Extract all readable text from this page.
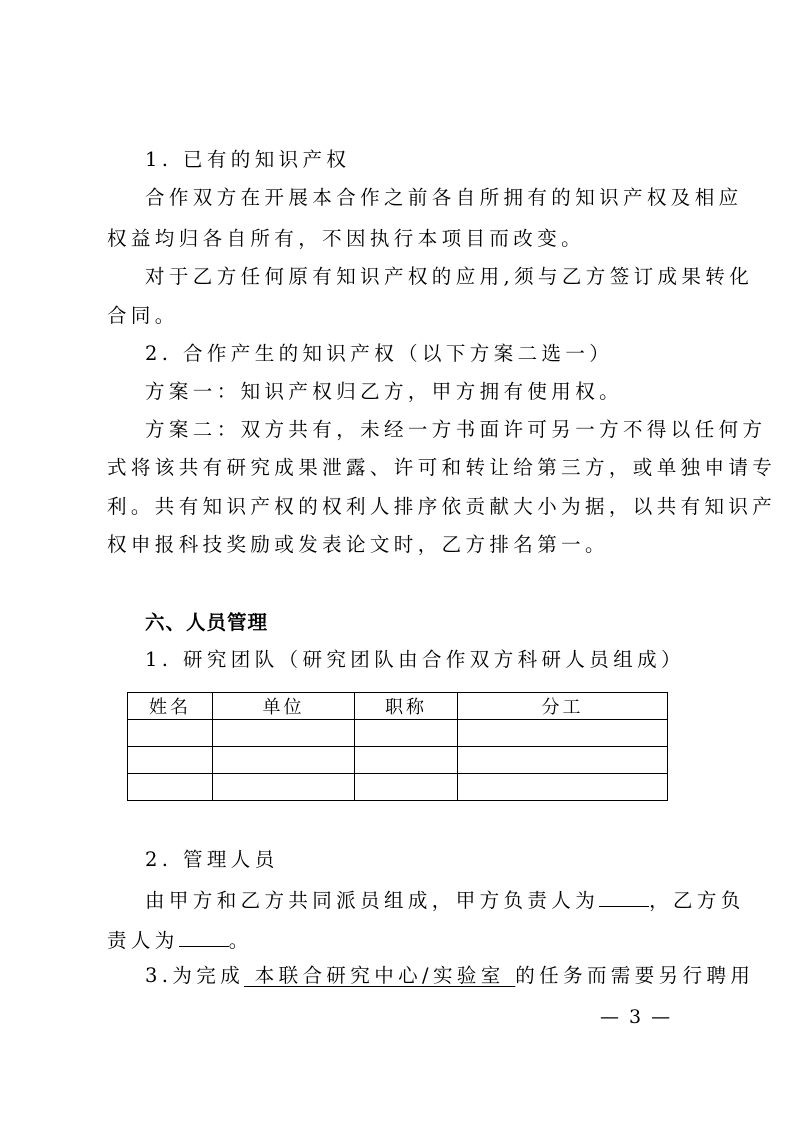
1. 已有的知识产权
合作双方在开展本合作之前各自所拥有的知识产权及相应
权益均归各自所有，不因执行本项目而改变。
对于乙方任何原有知识产权的应用,须与乙方签订成果转化
合同。
2. 合作产生的知识产权（以下方案二选一）
方案一：知识产权归乙方，甲方拥有使用权。
方案二：双方共有，未经一方书面许可另一方不得以任何方
式将该共有研究成果泄露、许可和转让给第三方，或单独申请专
利。共有知识产权的权利人排序依贡献大小为据，以共有知识产
权申报科技奖励或发表论文时，乙方排名第一。
六、人员管理
1. 研究团队（研究团队由合作双方科研人员组成）
姓名	单位	职称	分工

2. 管理人员
由甲方和乙方共同派员组成，甲方负责人为	，乙方负
责人为	。
3.为完成 本联合研究中心/实验室 的任务而需要另行聘用
— 3 —
